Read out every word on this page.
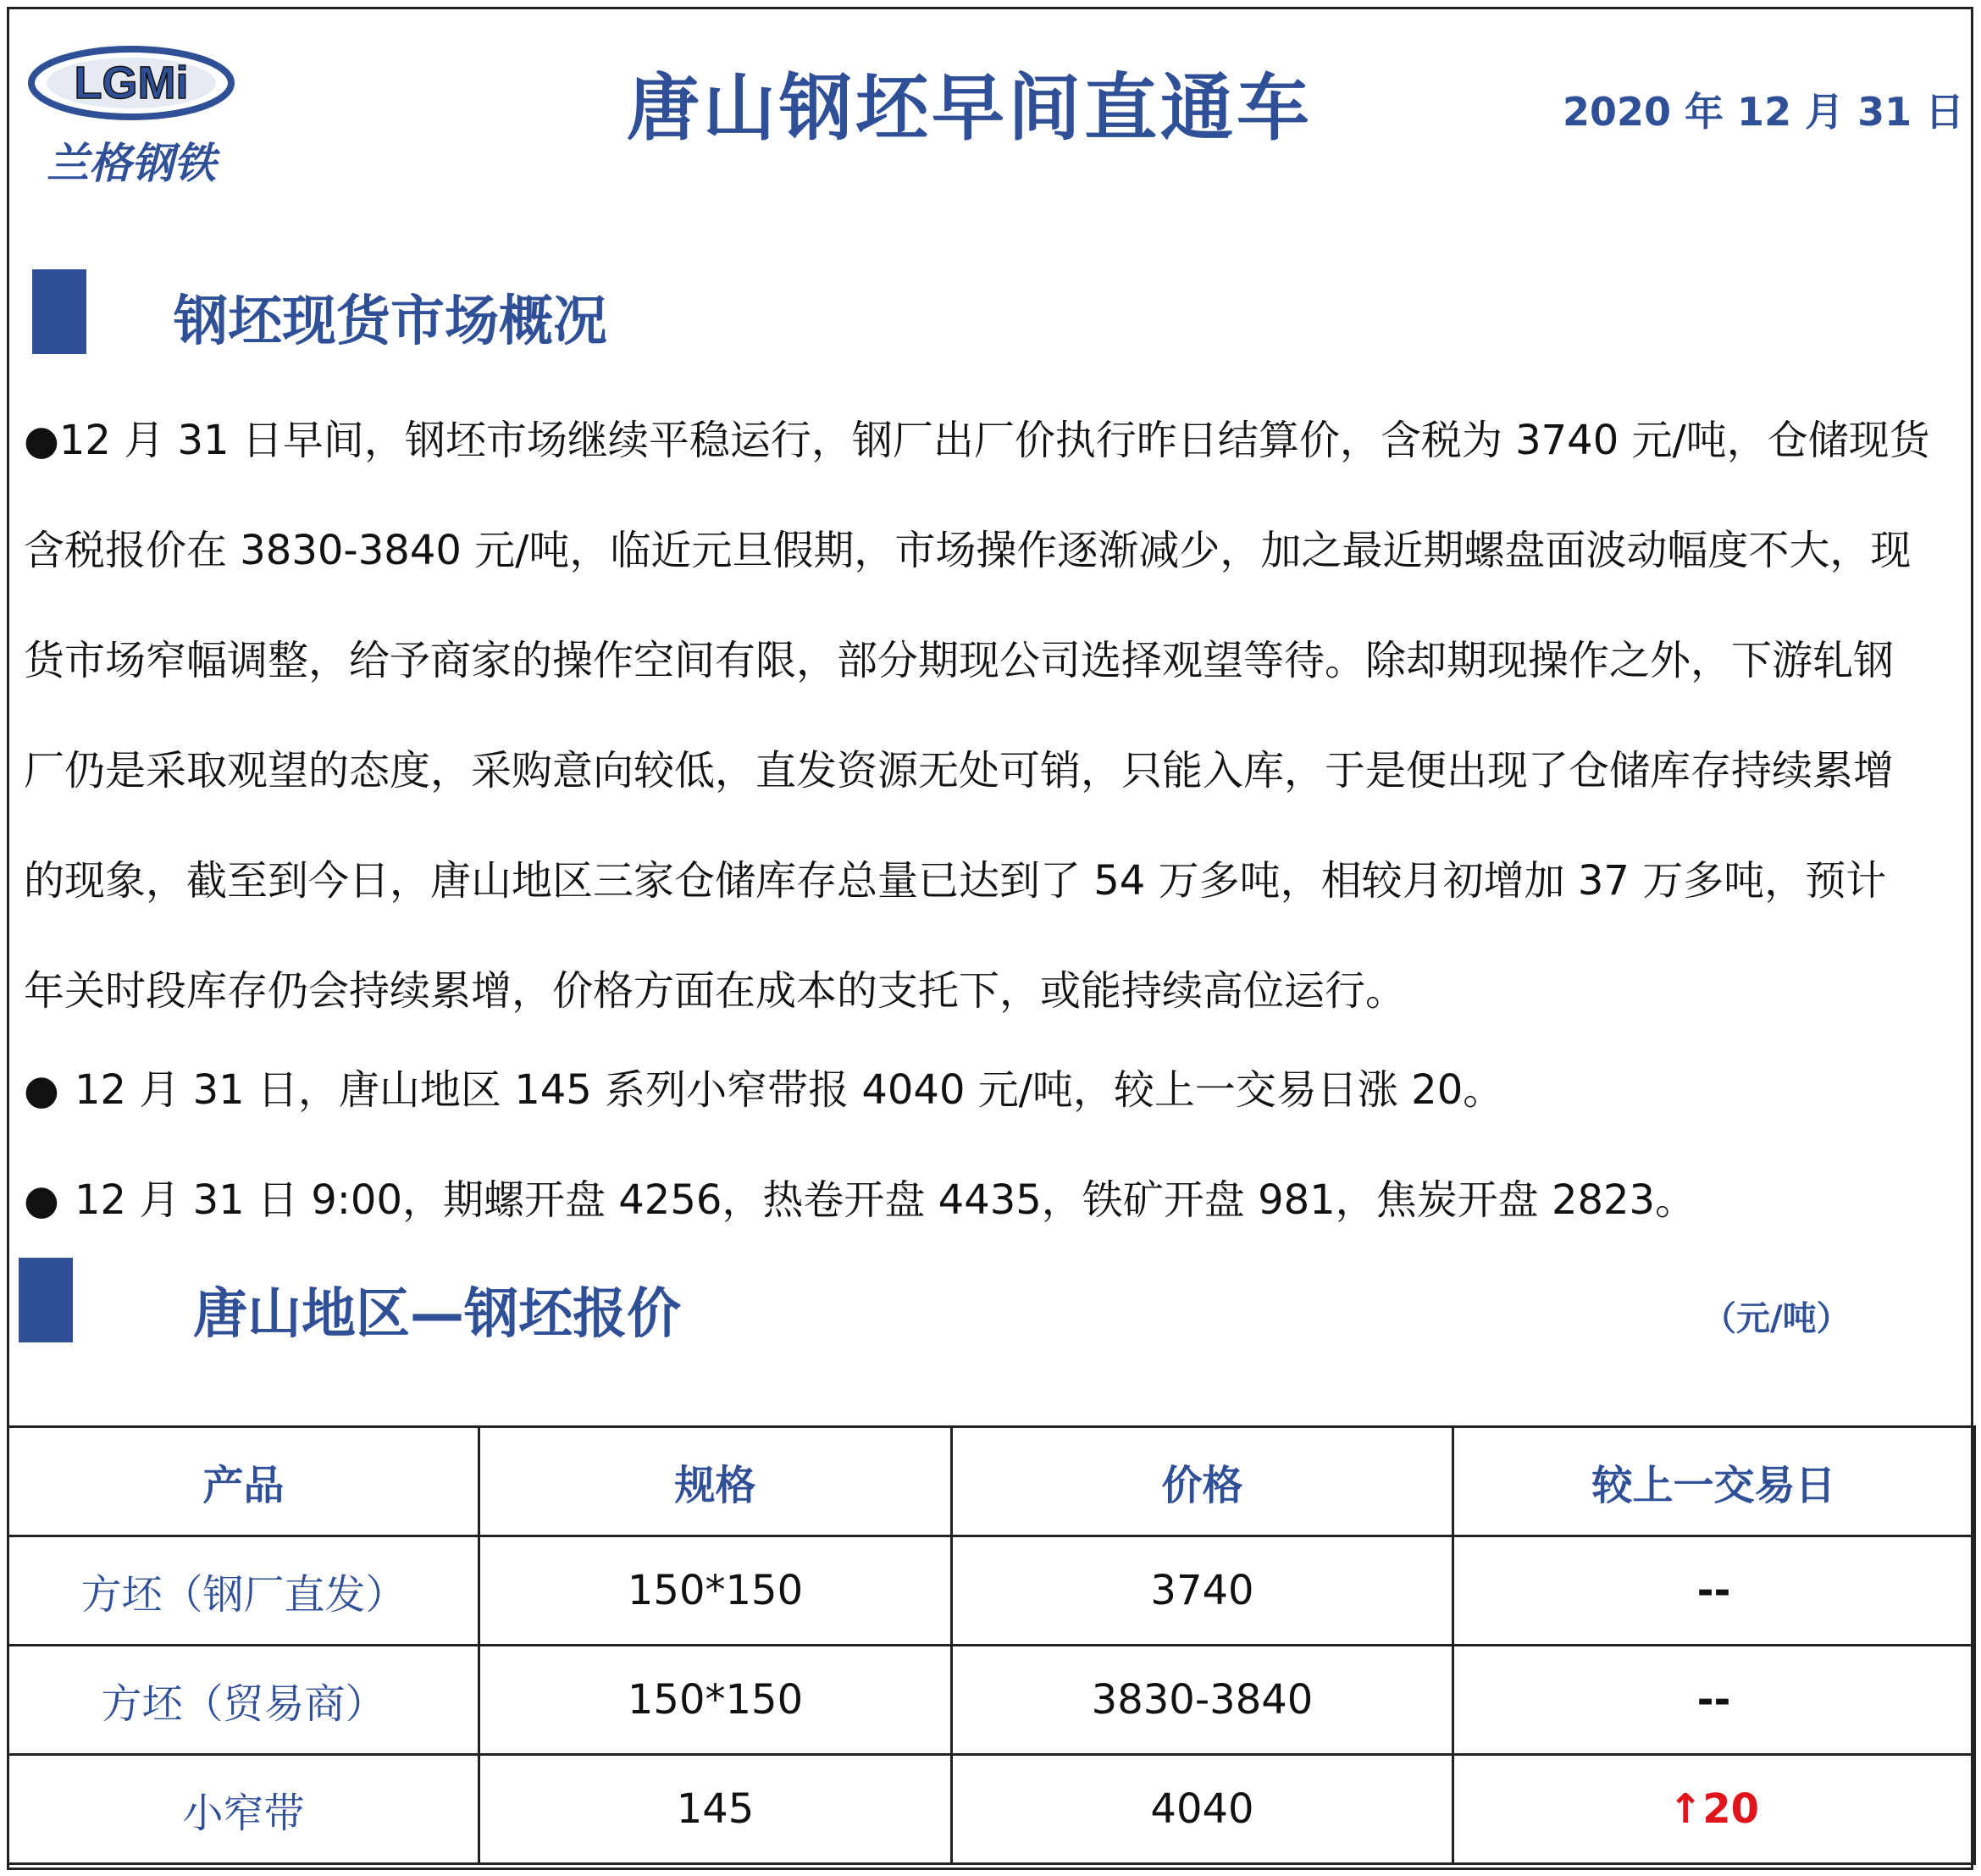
LGMi
兰格钢铁
唐山钢坯早间直通车	2020 年 12 月 31 日
钢坯现货市场概况
●12 月 31 日早间，钢坯市场继续平稳运行，钢厂出厂价执行昨日结算价，含税为 3740 元/吨，仓储现货
含税报价在 3830-3840 元/吨，临近元旦假期，市场操作逐渐减少，加之最近期螺盘面波动幅度不大，现
货市场窄幅调整，给予商家的操作空间有限，部分期现公司选择观望等待。除却期现操作之外，下游轧钢
厂仍是采取观望的态度，采购意向较低，直发资源无处可销，只能入库，于是便出现了仓储库存持续累增
的现象，截至到今日，唐山地区三家仓储库存总量已达到了 54 万多吨，相较月初增加 37 万多吨，预计
年关时段库存仍会持续累增，价格方面在成本的支托下，或能持续高位运行。
● 12 月 31 日，唐山地区 145 系列小窄带报 4040 元/吨，较上一交易日涨 20。
● 12 月 31 日 9:00，期螺开盘 4256，热卷开盘 4435，铁矿开盘 981，焦炭开盘 2823。
唐山地区—钢坯报价	（元/吨）
产品	规格	价格	较上一交易日
方坯（钢厂直发）	150*150	3740	--
方坯（贸易商）	150*150	3830-3840	--
小窄带	145	4040	↑20
